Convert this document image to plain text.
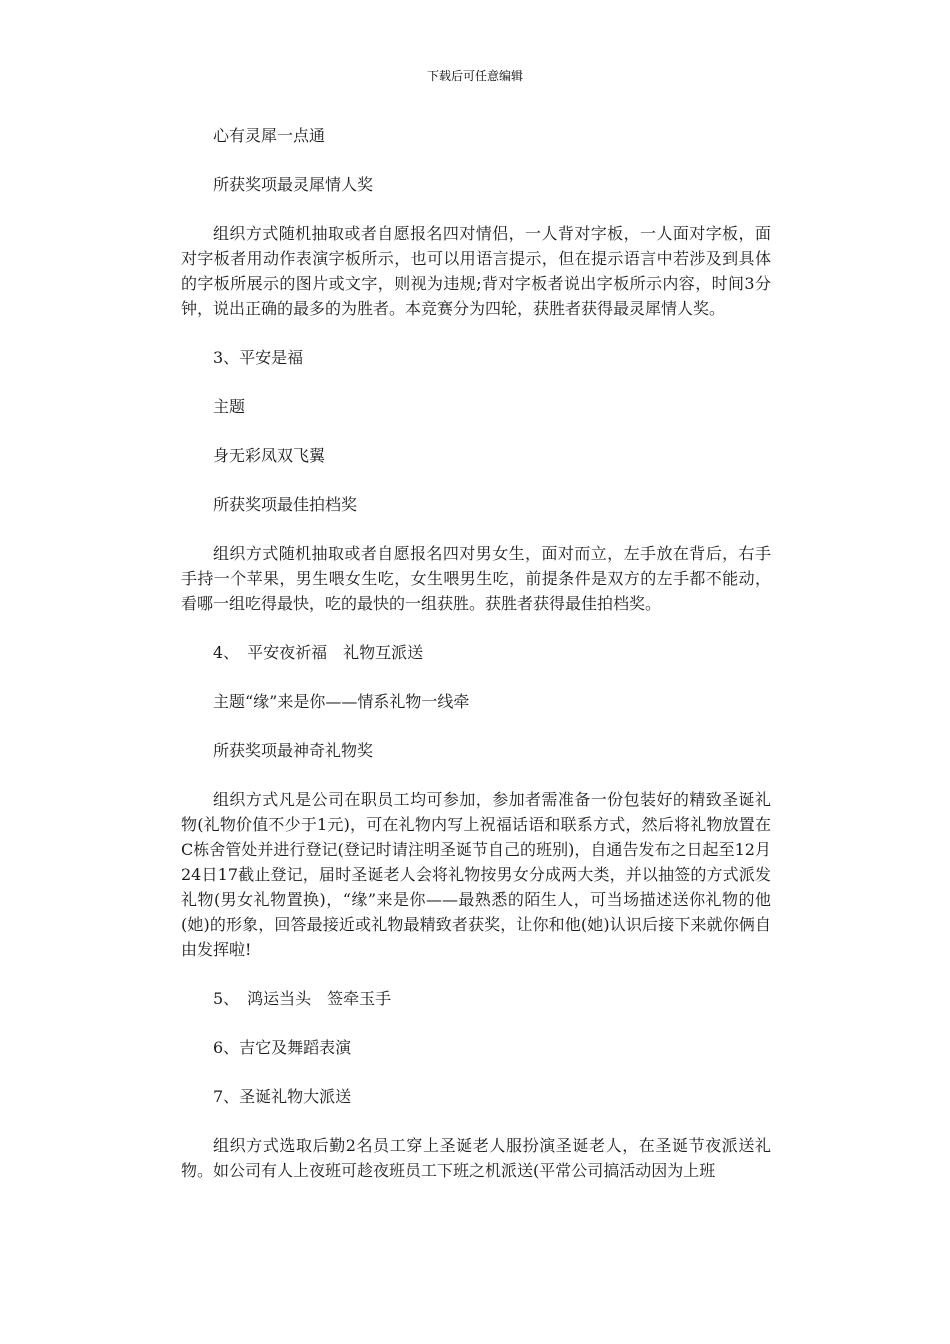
下载后可任意编辑

心有灵犀一点通

所获奖项最灵犀情人奖

组织方式随机抽取或者自愿报名四对情侣，一人背对字板，一人面对字板，面对字板者用动作表演字板所示，也可以用语言提示，但在提示语言中若涉及到具体的字板所展示的图片或文字，则视为违规;背对字板者说出字板所示内容，时间3分钟，说出正确的最多的为胜者。本竞赛分为四轮，获胜者获得最灵犀情人奖。

3、平安是福

主题

身无彩凤双飞翼

所获奖项最佳拍档奖

组织方式随机抽取或者自愿报名四对男女生，面对而立，左手放在背后，右手手持一个苹果，男生喂女生吃，女生喂男生吃，前提条件是双方的左手都不能动，看哪一组吃得最快，吃的最快的一组获胜。获胜者获得最佳拍档奖。

4、　平安夜祈福　礼物互派送

主题“缘”来是你——情系礼物一线牵

所获奖项最神奇礼物奖

组织方式凡是公司在职员工均可参加，参加者需准备一份包装好的精致圣诞礼物(礼物价值不少于1元)，可在礼物内写上祝福话语和联系方式，然后将礼物放置在C栋舍管处并进行登记(登记时请注明圣诞节自己的班别)，自通告发布之日起至12月24日17截止登记，届时圣诞老人会将礼物按男女分成两大类，并以抽签的方式派发礼物(男女礼物置换)，“缘”来是你——最熟悉的陌生人，可当场描述送你礼物的他(她)的形象，回答最接近或礼物最精致者获奖，让你和他(她)认识后接下来就你俩自由发挥啦!

5、　鸿运当头　签牵玉手

6、吉它及舞蹈表演

7、圣诞礼物大派送

组织方式选取后勤2名员工穿上圣诞老人服扮演圣诞老人，在圣诞节夜派送礼物。如公司有人上夜班可趁夜班员工下班之机派送(平常公司搞活动因为上班
